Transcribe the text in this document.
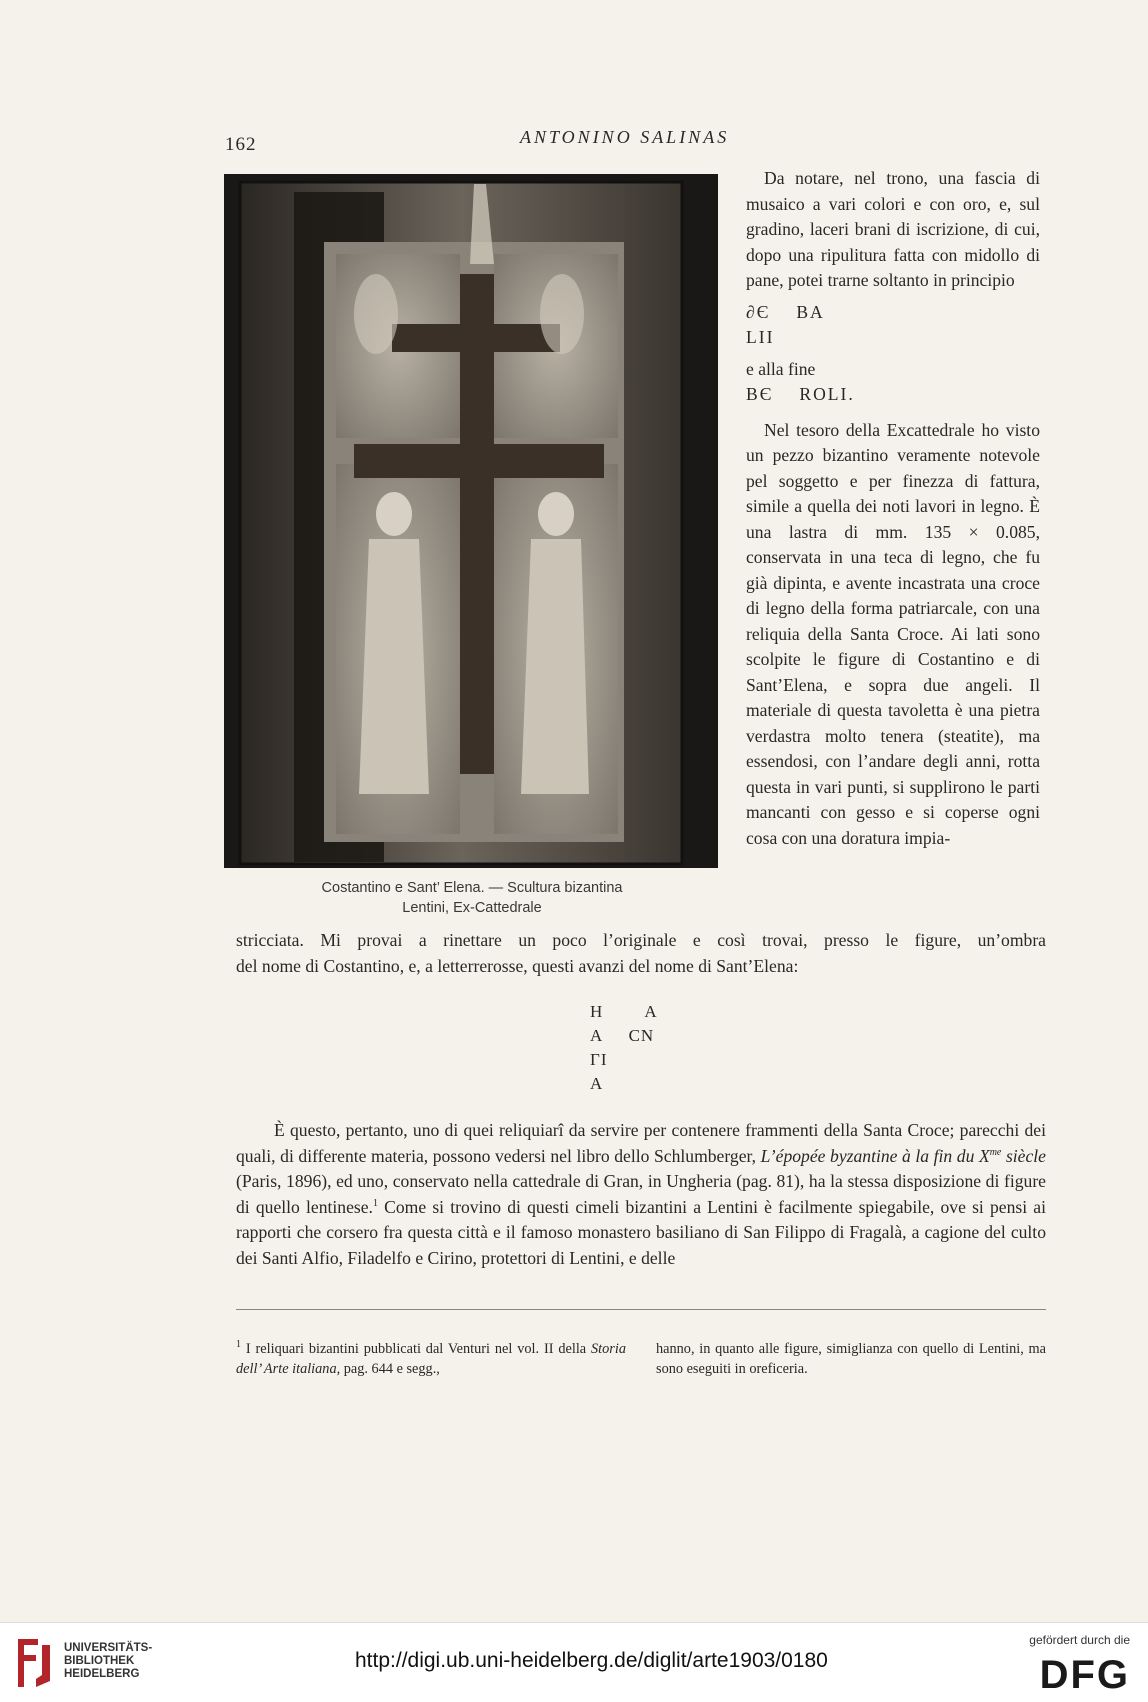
162	ANTONINO SALINAS
Costantino e Sant’ Elena. — Scultura bizantina
Lentini, Ex-Cattedrale

Da notare, nel trono, una fascia di musaico a vari colori e con oro, e, sul gradino, laceri brani di iscrizione, di cui, dopo una ripulitura fatta con midollo di pane, potei trarne soltanto in principio

∂Є BA
LII

e alla fine

BЄ ROLI.

Nel tesoro della Excattedrale ho visto un pezzo bizantino veramente notevole pel soggetto e per finezza di fattura, simile a quella dei noti lavori in legno. È una lastra di mm. 135 × 0.085, conservata in una teca di legno, che fu già dipinta, e avente incastrata una croce di legno della forma patriarcale, con una reliquia della Santa Croce. Ai lati sono scolpite le figure di Costantino e di Sant’Elena, e sopra due angeli. Il materiale di questa tavoletta è una pietra verdastra molto tenera (steatite), ma essendosi, con l’andare degli anni, rotta questa in vari punti, si supplirono le parti mancanti con gesso e si coperse ogni cosa con una doratura impia-

stricciata. Mi provai a rinettare un poco l’originale e così trovai, presso le figure, un’ombra
del nome di Costantino, e, a letterrerosse, questi avanzi del nome di Sant’Elena:
H        A
A     CN
ΓI
A

È questo, pertanto, uno di quei reliquiarî da servire per contenere frammenti della Santa Croce; parecchi dei quali, di differente materia, possono vedersi nel libro dello Schlumberger, L’épopée byzantine à la fin du $X^{me}$ siècle (Paris, 1896), ed uno, conservato nella cattedrale di Gran, in Ungheria (pag. 81), ha la stessa disposizione di figure di quello lentinese.$^1$ Come si trovino di questi cimeli bizantini a Lentini è facilmente spiegabile, ove si pensi ai rapporti che corsero fra questa città e il famoso monastero basiliano di San Filippo di Fragalà, a cagione del culto dei Santi Alfio, Filadelfo e Cirino, protettori di Lentini, e delle

$^1$ I reliquari bizantini pubblicati dal Venturi nel vol. II della Storia dell’ Arte italiana, pag. 644 e segg.,
hanno, in quanto alle figure, simiglianza con quello di Lentini, ma sono eseguiti in oreficeria.
UNIVERSITÄTS-
BIBLIOTHEK
HEIDELBERG
http://digi.ub.uni-heidelberg.de/diglit/arte1903/0180
gefördert durch die
DFG
